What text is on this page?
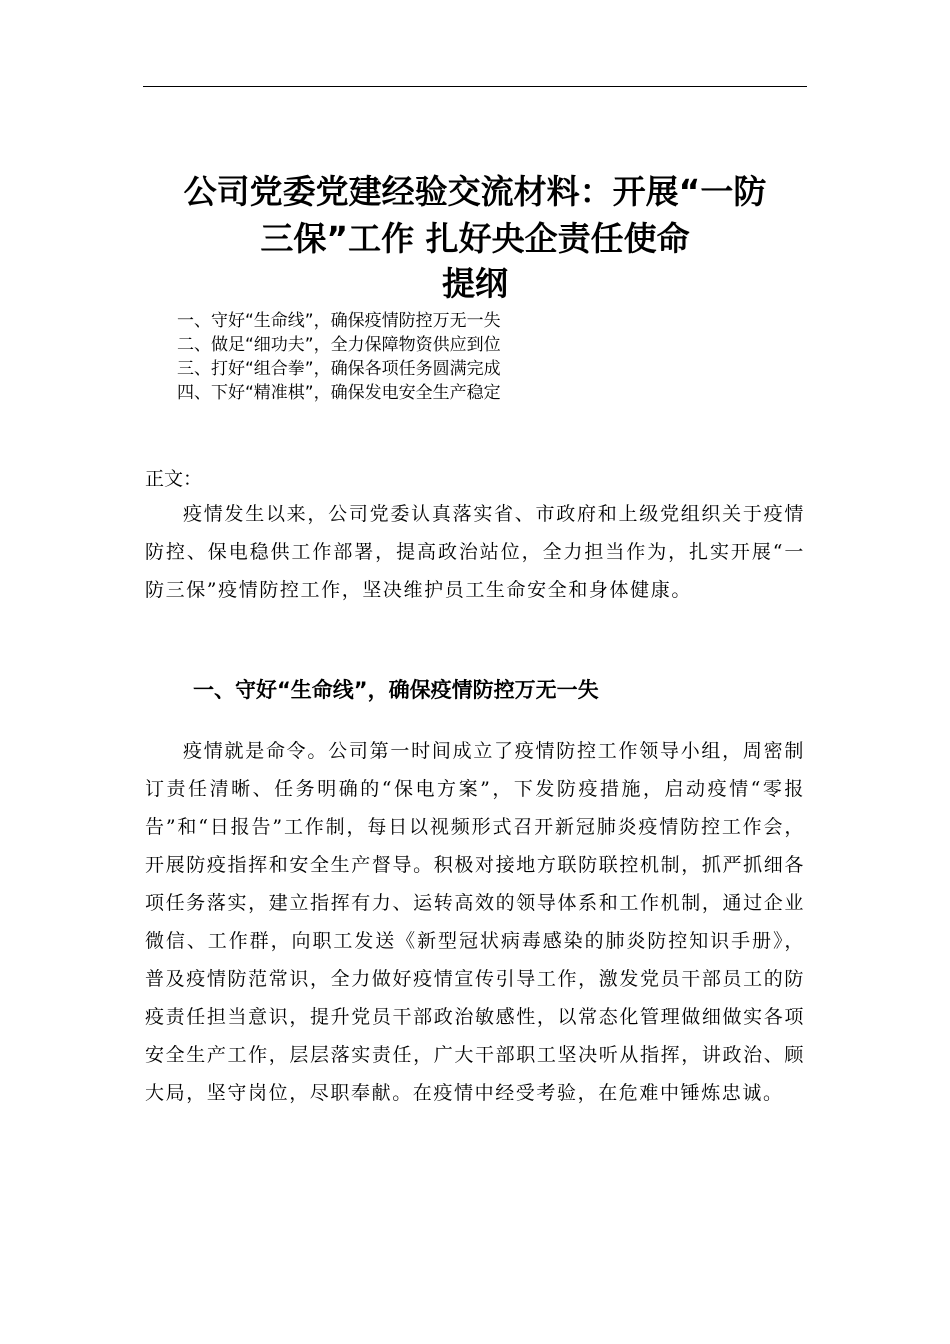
公司党委党建经验交流材料：开展“一防
三保”工作 扎好央企责任使命
提纲
一、守好“生命线”，确保疫情防控万无一失
二、做足“细功夫”，全力保障物资供应到位
三、打好“组合拳”，确保各项任务圆满完成
四、下好“精准棋”，确保发电安全生产稳定

正文：

疫情发生以来，公司党委认真落实省、市政府和上级党组织关于疫情防控、保电稳供工作部署，提高政治站位，全力担当作为，扎实开展“一防三保”疫情防控工作，坚决维护员工生命安全和身体健康。

一、守好“生命线”，确保疫情防控万无一失

疫情就是命令。公司第一时间成立了疫情防控工作领导小组，周密制订责任清晰、任务明确的“保电方案”，下发防疫措施，启动疫情“零报告”和“日报告”工作制，每日以视频形式召开新冠肺炎疫情防控工作会，开展防疫指挥和安全生产督导。积极对接地方联防联控机制，抓严抓细各项任务落实，建立指挥有力、运转高效的领导体系和工作机制，通过企业微信、工作群，向职工发送《新型冠状病毒感染的肺炎防控知识手册》，普及疫情防范常识，全力做好疫情宣传引导工作，激发党员干部员工的防疫责任担当意识，提升党员干部政治敏感性，以常态化管理做细做实各项安全生产工作，层层落实责任，广大干部职工坚决听从指挥，讲政治、顾大局，坚守岗位，尽职奉献。在疫情中经受考验，在危难中锤炼忠诚。
